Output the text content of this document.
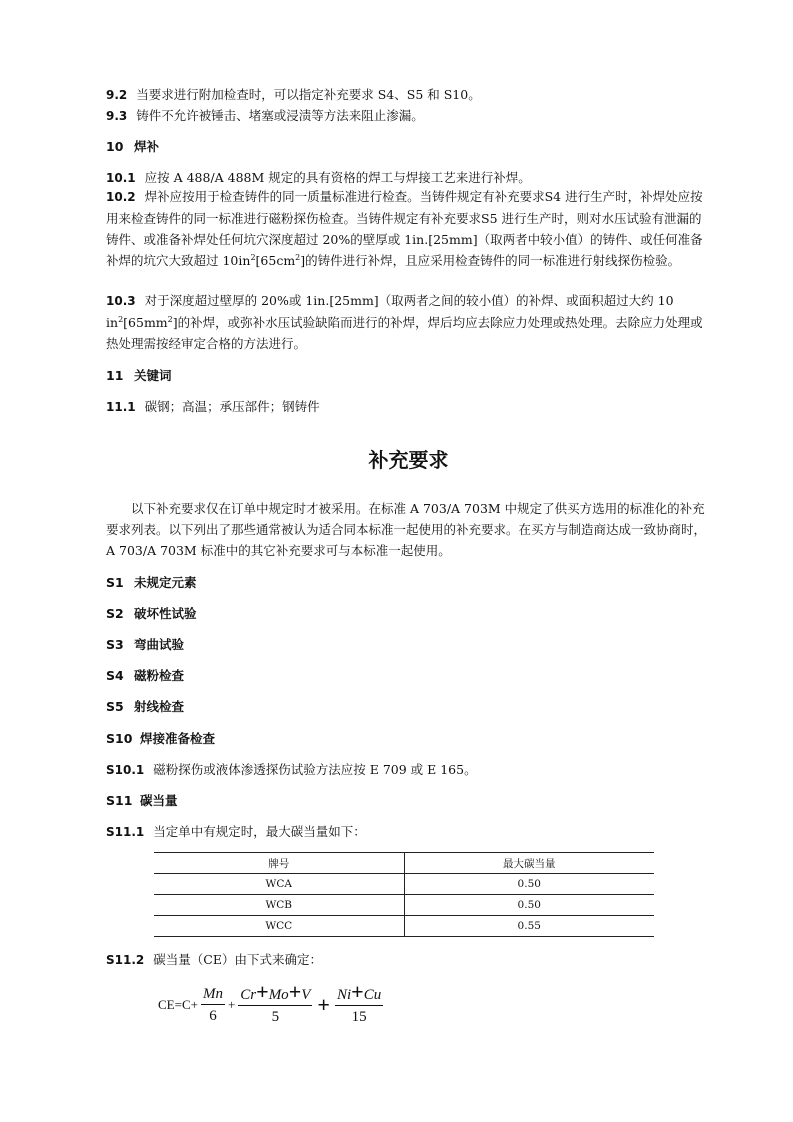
9.2 当要求进行附加检查时，可以指定补充要求 S4、S5 和 S10。
9.3 铸件不允许被锤击、堵塞或浸渍等方法来阻止渗漏。
10 焊补
10.1 应按 A 488/A 488M 规定的具有资格的焊工与焊接工艺来进行补焊。
10.2 焊补应按用于检查铸件的同一质量标准进行检查。当铸件规定有补充要求S4 进行生产时，补焊处应按用来检查铸件的同一标准进行磁粉探伤检查。当铸件规定有补充要求S5 进行生产时，则对水压试验有泄漏的铸件、或准备补焊处任何坑穴深度超过 20%的壁厚或 1in.[25mm]（取两者中较小值）的铸件、或任何准备补焊的坑穴大致超过 $10in^2[65cm^2]$的铸件进行补焊，且应采用检查铸件的同一标准进行射线探伤检验。
10.3 对于深度超过壁厚的 20%或 1in.[25mm]（取两者之间的较小值）的补焊、或面积超过大约 10 $in^2[65mm^2]$的补焊，或弥补水压试验缺陷而进行的补焊，焊后均应去除应力处理或热处理。去除应力处理或热处理需按经审定合格的方法进行。
11 关键词
11.1 碳钢；高温；承压部件；钢铸件
补充要求
以下补充要求仅在订单中规定时才被采用。在标准 A 703/A 703M 中规定了供买方选用的标准化的补充要求列表。以下列出了那些通常被认为适合同本标准一起使用的补充要求。在买方与制造商达成一致协商时，A 703/A 703M 标准中的其它补充要求可与本标准一起使用。
S1 未规定元素
S2 破坏性试验
S3 弯曲试验
S4 磁粉检查
S5 射线检查
S10 焊接准备检查
S10.1 磁粉探伤或液体渗透探伤试验方法应按 E 709 或 E 165。
S11 碳当量
S11.1 当定单中有规定时，最大碳当量如下：
牌号	最大碳当量
WCA	0.50
WCB	0.50
WCC	0.55
S11.2 碳当量（CE）由下式来确定：
$CE=C+ \frac{Mn}{6} + \frac{Cr+Mo+V}{5} + \frac{Ni+Cu}{15}$
